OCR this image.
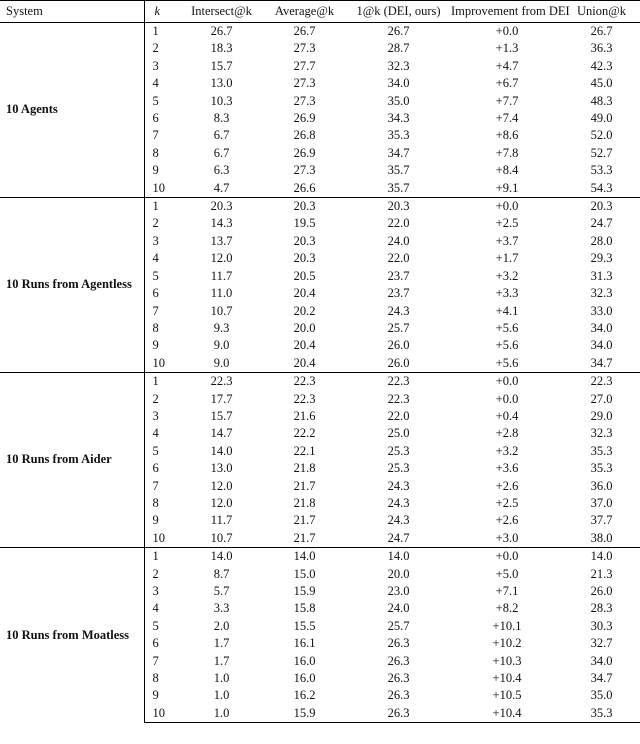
System	k	Intersect@k	Average@k	1@k (DEI, ours)	Improvement from DEI	Union@k
10 Agents	1	26.7	26.7	26.7	+0.0	26.7
	2	18.3	27.3	28.7	+1.3	36.3
	3	15.7	27.7	32.3	+4.7	42.3
	4	13.0	27.3	34.0	+6.7	45.0
	5	10.3	27.3	35.0	+7.7	48.3
	6	8.3	26.9	34.3	+7.4	49.0
	7	6.7	26.8	35.3	+8.6	52.0
	8	6.7	26.9	34.7	+7.8	52.7
	9	6.3	27.3	35.7	+8.4	53.3
	10	4.7	26.6	35.7	+9.1	54.3
10 Runs from Agentless	1	20.3	20.3	20.3	+0.0	20.3
	2	14.3	19.5	22.0	+2.5	24.7
	3	13.7	20.3	24.0	+3.7	28.0
	4	12.0	20.3	22.0	+1.7	29.3
	5	11.7	20.5	23.7	+3.2	31.3
	6	11.0	20.4	23.7	+3.3	32.3
	7	10.7	20.2	24.3	+4.1	33.0
	8	9.3	20.0	25.7	+5.6	34.0
	9	9.0	20.4	26.0	+5.6	34.0
	10	9.0	20.4	26.0	+5.6	34.7
10 Runs from Aider	1	22.3	22.3	22.3	+0.0	22.3
	2	17.7	22.3	22.3	+0.0	27.0
	3	15.7	21.6	22.0	+0.4	29.0
	4	14.7	22.2	25.0	+2.8	32.3
	5	14.0	22.1	25.3	+3.2	35.3
	6	13.0	21.8	25.3	+3.6	35.3
	7	12.0	21.7	24.3	+2.6	36.0
	8	12.0	21.8	24.3	+2.5	37.0
	9	11.7	21.7	24.3	+2.6	37.7
	10	10.7	21.7	24.7	+3.0	38.0
10 Runs from Moatless	1	14.0	14.0	14.0	+0.0	14.0
	2	8.7	15.0	20.0	+5.0	21.3
	3	5.7	15.9	23.0	+7.1	26.0
	4	3.3	15.8	24.0	+8.2	28.3
	5	2.0	15.5	25.7	+10.1	30.3
	6	1.7	16.1	26.3	+10.2	32.7
	7	1.7	16.0	26.3	+10.3	34.0
	8	1.0	16.0	26.3	+10.4	34.7
	9	1.0	16.2	26.3	+10.5	35.0
	10	1.0	15.9	26.3	+10.4	35.3
